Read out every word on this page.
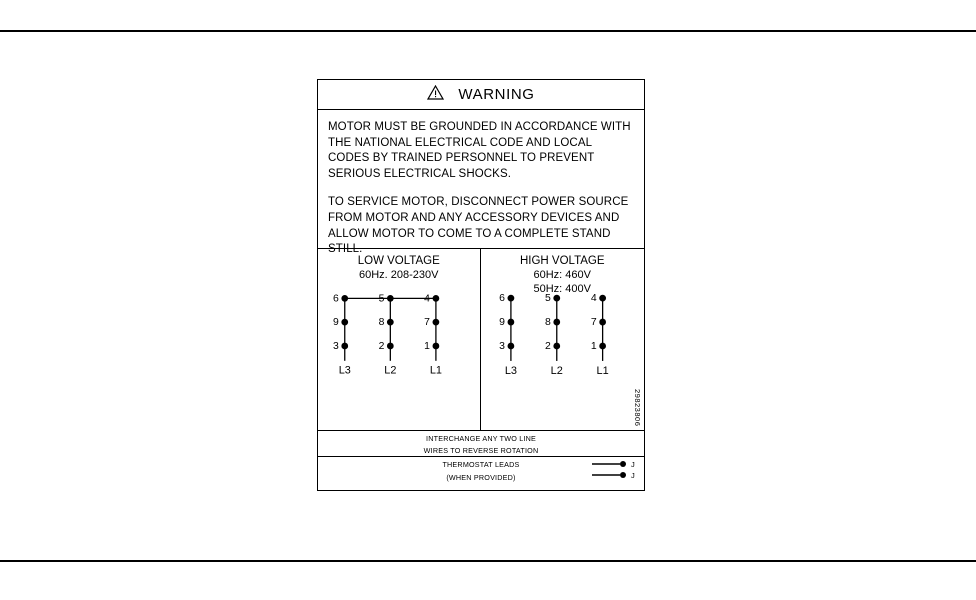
WARNING

MOTOR MUST BE GROUNDED IN ACCORDANCE WITH THE NATIONAL ELECTRICAL CODE AND LOCAL CODES BY TRAINED PERSONNEL TO PREVENT SERIOUS ELECTRICAL SHOCKS.

TO SERVICE MOTOR, DISCONNECT POWER SOURCE FROM MOTOR AND ANY ACCESSORY DEVICES AND ALLOW MOTOR TO COME TO A COMPLETE STAND STILL.

LOW VOLTAGE
60Hz. 208-230V
6	5	4
9	8	7
3	2	1
L3	L2	L1
HIGH VOLTAGE
60Hz: 460V
50Hz: 400V
6	5	4
9	8	7
3	2	1
L3	L2	L1
29823806
INTERCHANGE ANY TWO LINE
WIRES TO REVERSE ROTATION
THERMOSTAT LEADS
(WHEN PROVIDED)
J
J
